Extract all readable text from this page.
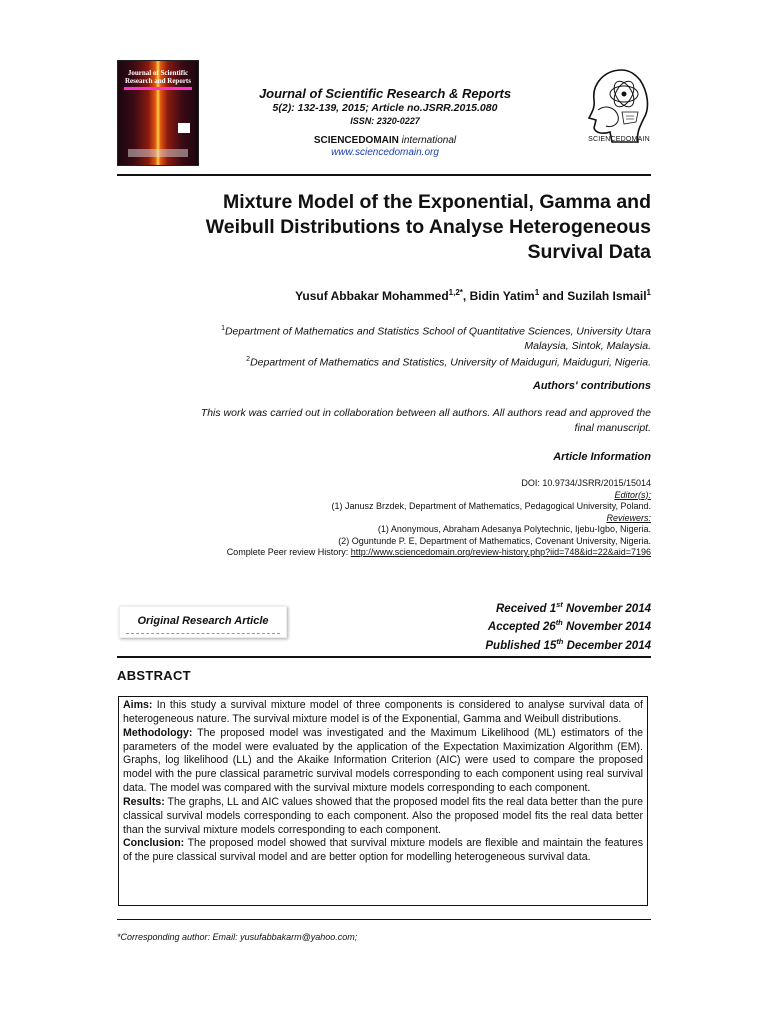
Journal of Scientific Research and Reports
Journal of Scientific Research & Reports
5(2): 132-139, 2015; Article no.JSRR.2015.080
ISSN: 2320-0227
SCIENCEDOMAIN international
www.sciencedomain.org
SCIENCEDOMAIN
Mixture Model of the Exponential, Gamma and
Weibull Distributions to Analyse Heterogeneous
Survival Data
Yusuf Abbakar Mohammed$^{1,2*}$, Bidin Yatim$^1$ and Suzilah Ismail$^1$
$^1$Department of Mathematics and Statistics School of Quantitative Sciences, University Utara
Malaysia, Sintok, Malaysia.
$^2$Department of Mathematics and Statistics, University of Maiduguri, Maiduguri, Nigeria.
Authors' contributions
This work was carried out in collaboration between all authors. All authors read and approved the
final manuscript.
Article Information
DOI: 10.9734/JSRR/2015/15014
Editor(s):
(1) Janusz Brzdek, Department of Mathematics, Pedagogical University, Poland.
Reviewers:
(1) Anonymous, Abraham Adesanya Polytechnic, Ijebu-Igbo, Nigeria.
(2) Oguntunde P. E, Department of Mathematics, Covenant University, Nigeria.
Complete Peer review History: http://www.sciencedomain.org/review-history.php?iid=748&id=22&aid=7196
Original Research Article
Received 1st November 2014
Accepted 26th November 2014
Published 15th December 2014
ABSTRACT

Aims: In this study a survival mixture model of three components is considered to analyse survival data of heterogeneous nature. The survival mixture model is of the Exponential, Gamma and Weibull distributions.

Methodology: The proposed model was investigated and the Maximum Likelihood (ML) estimators of the parameters of the model were evaluated by the application of the Expectation Maximization Algorithm (EM). Graphs, log likelihood (LL) and the Akaike Information Criterion (AIC) were used to compare the proposed model with the pure classical parametric survival models corresponding to each component using real survival data. The model was compared with the survival mixture models corresponding to each component.

Results: The graphs, LL and AIC values showed that the proposed model fits the real data better than the pure classical survival models corresponding to each component. Also the proposed model fits the real data better than the survival mixture models corresponding to each component.

Conclusion: The proposed model showed that survival mixture models are flexible and maintain the features of the pure classical survival model and are better option for modelling heterogeneous survival data.

*Corresponding author: Email: yusufabbakarm@yahoo.com;
